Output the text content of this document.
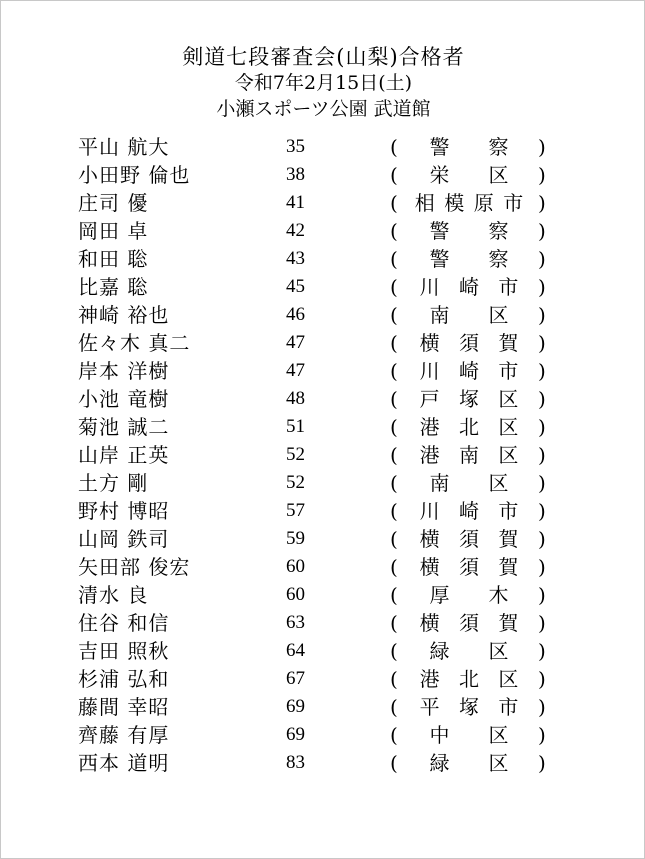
剣道七段審査会(山梨)合格者
令和7年2月15日(土)
小瀬スポーツ公園 武道館
平山 航大	35	( 警 察 )
小田野 倫也	38	( 栄 区 )
庄司 優	41	( 相 模 原 市 )
岡田 卓	42	( 警 察 )
和田 聡	43	( 警 察 )
比嘉 聡	45	( 川 崎 市 )
神崎 裕也	46	( 南 区 )
佐々木 真二	47	( 横 須 賀 )
岸本 洋樹	47	( 川 崎 市 )
小池 竜樹	48	( 戸 塚 区 )
菊池 誠二	51	( 港 北 区 )
山岸 正英	52	( 港 南 区 )
土方 剛	52	( 南 区 )
野村 博昭	57	( 川 崎 市 )
山岡 鉄司	59	( 横 須 賀 )
矢田部 俊宏	60	( 横 須 賀 )
清水 良	60	( 厚 木 )
住谷 和信	63	( 横 須 賀 )
吉田 照秋	64	( 緑 区 )
杉浦 弘和	67	( 港 北 区 )
藤間 幸昭	69	( 平 塚 市 )
齊藤 有厚	69	( 中 区 )
西本 道明	83	( 緑 区 )
